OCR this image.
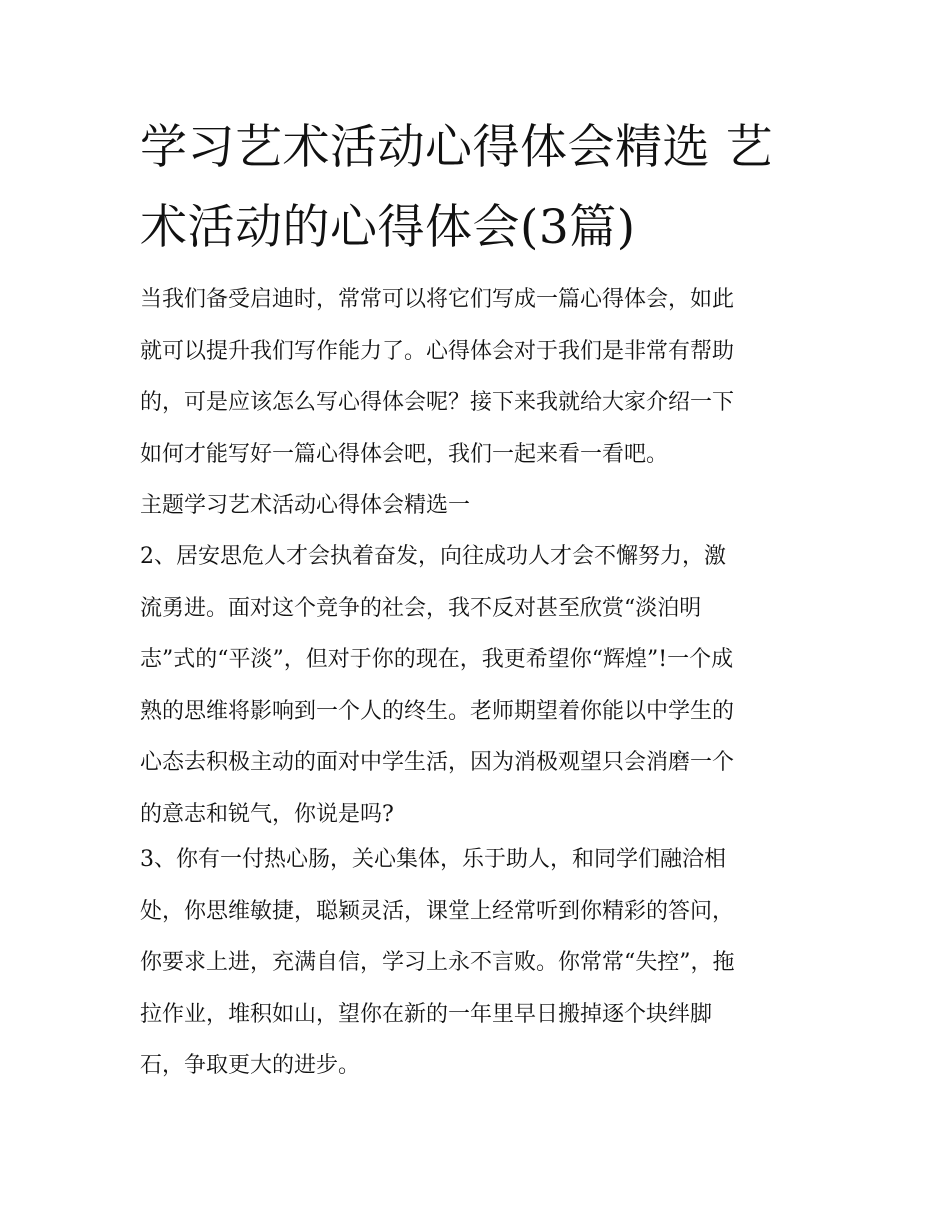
学习艺术活动心得体会精选 艺
术活动的心得体会(3篇)

当我们备受启迪时，常常可以将它们写成一篇心得体会，如此
就可以提升我们写作能力了。心得体会对于我们是非常有帮助
的，可是应该怎么写心得体会呢？接下来我就给大家介绍一下
如何才能写好一篇心得体会吧，我们一起来看一看吧。

主题学习艺术活动心得体会精选一

2、居安思危人才会执着奋发，向往成功人才会不懈努力，激
流勇进。面对这个竞争的社会，我不反对甚至欣赏“淡泊明
志”式的“平淡”，但对于你的现在，我更希望你“辉煌”!一个成
熟的思维将影响到一个人的终生。老师期望着你能以中学生的
心态去积极主动的面对中学生活，因为消极观望只会消磨一个
的意志和锐气，你说是吗?

3、你有一付热心肠，关心集体，乐于助人，和同学们融洽相
处，你思维敏捷，聪颖灵活，课堂上经常听到你精彩的答问，
你要求上进，充满自信，学习上永不言败。你常常“失控”，拖
拉作业，堆积如山，望你在新的一年里早日搬掉逐个块绊脚
石，争取更大的进步。
